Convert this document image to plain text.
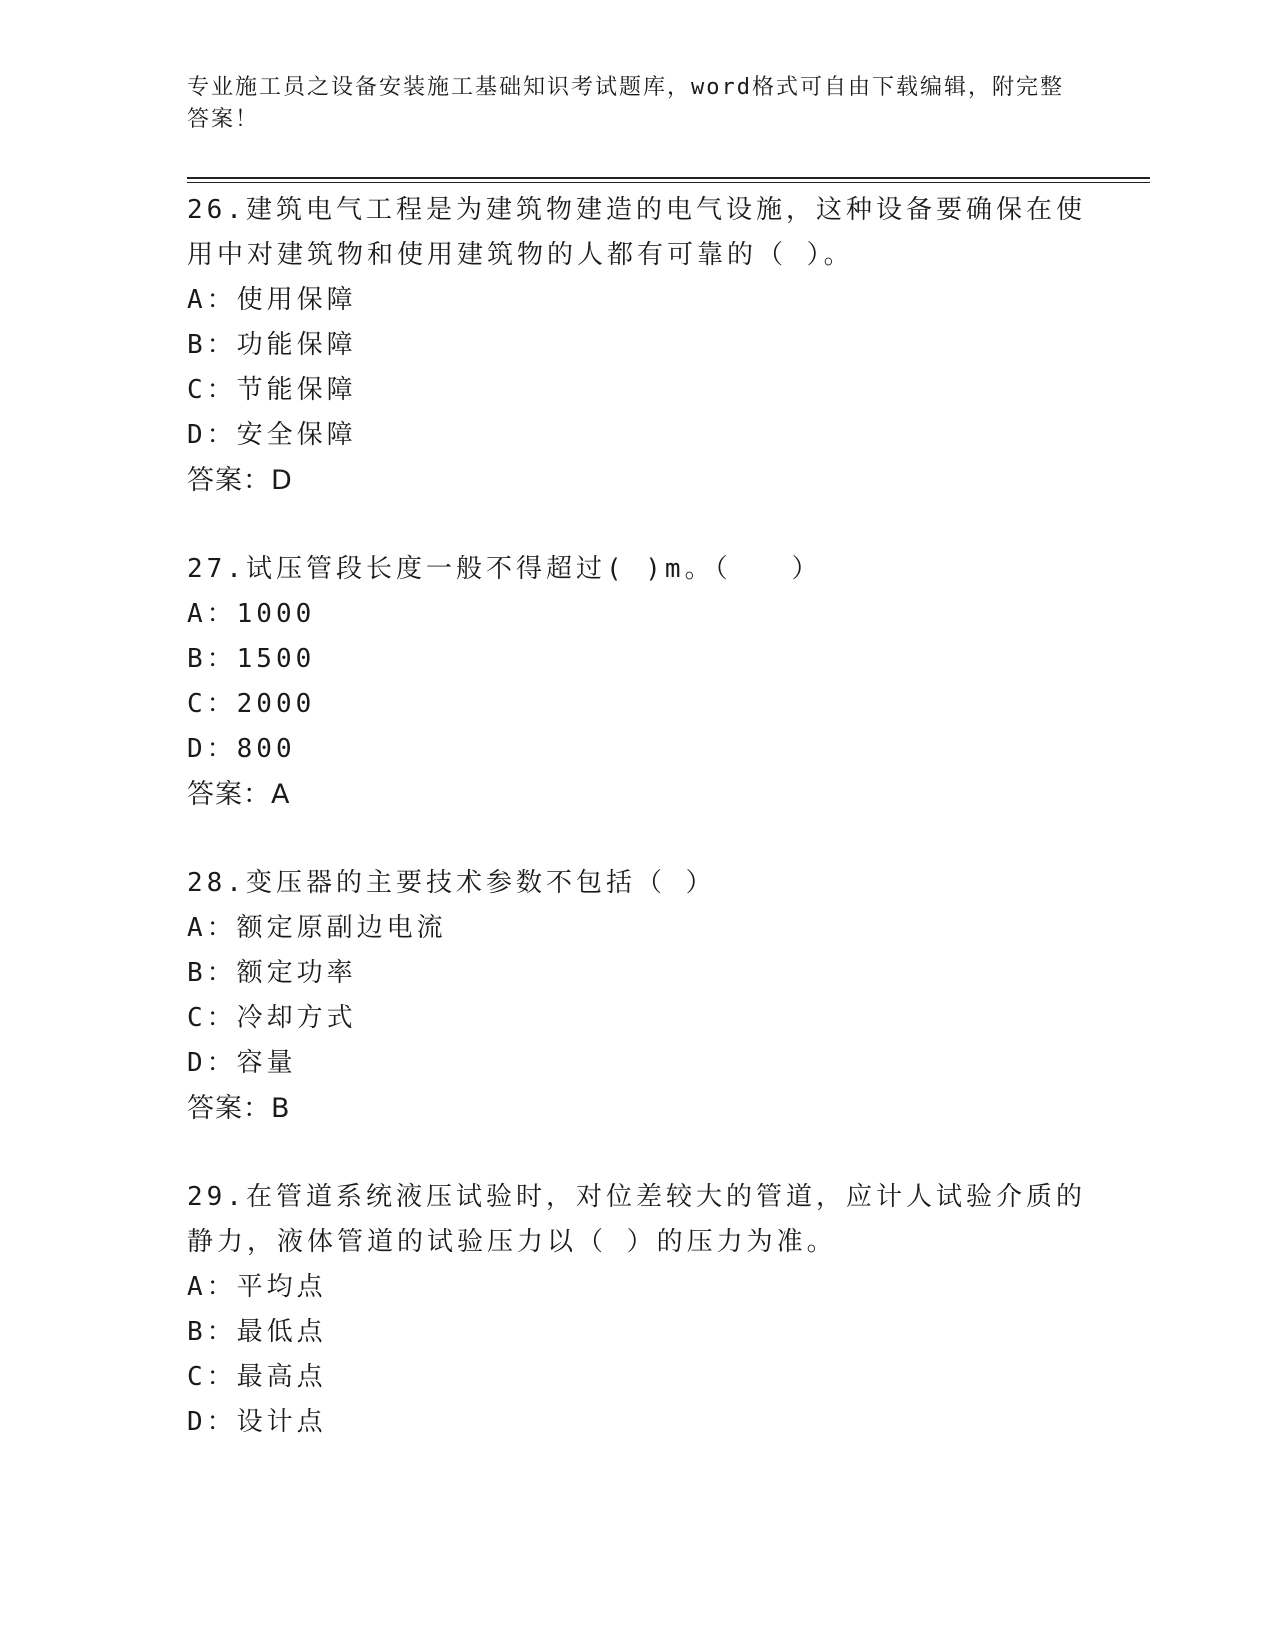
专业施工员之设备安装施工基础知识考试题库，word格式可自由下载编辑，附完整答案！
26.建筑电气工程是为建筑物建造的电气设施，这种设备要确保在使用中对建筑物和使用建筑物的人都有可靠的（ ）。
A：使用保障
B：功能保障
C：节能保障
D：安全保障
答案：D
27.试压管段长度一般不得超过( )m。（　　）
A：1000
B：1500
C：2000
D：800
答案：A
28.变压器的主要技术参数不包括（ ）
A：额定原副边电流
B：额定功率
C：冷却方式
D：容量
答案：B
29.在管道系统液压试验时，对位差较大的管道，应计人试验介质的静力，液体管道的试验压力以（ ）的压力为准。
A：平均点
B：最低点
C：最高点
D：设计点
